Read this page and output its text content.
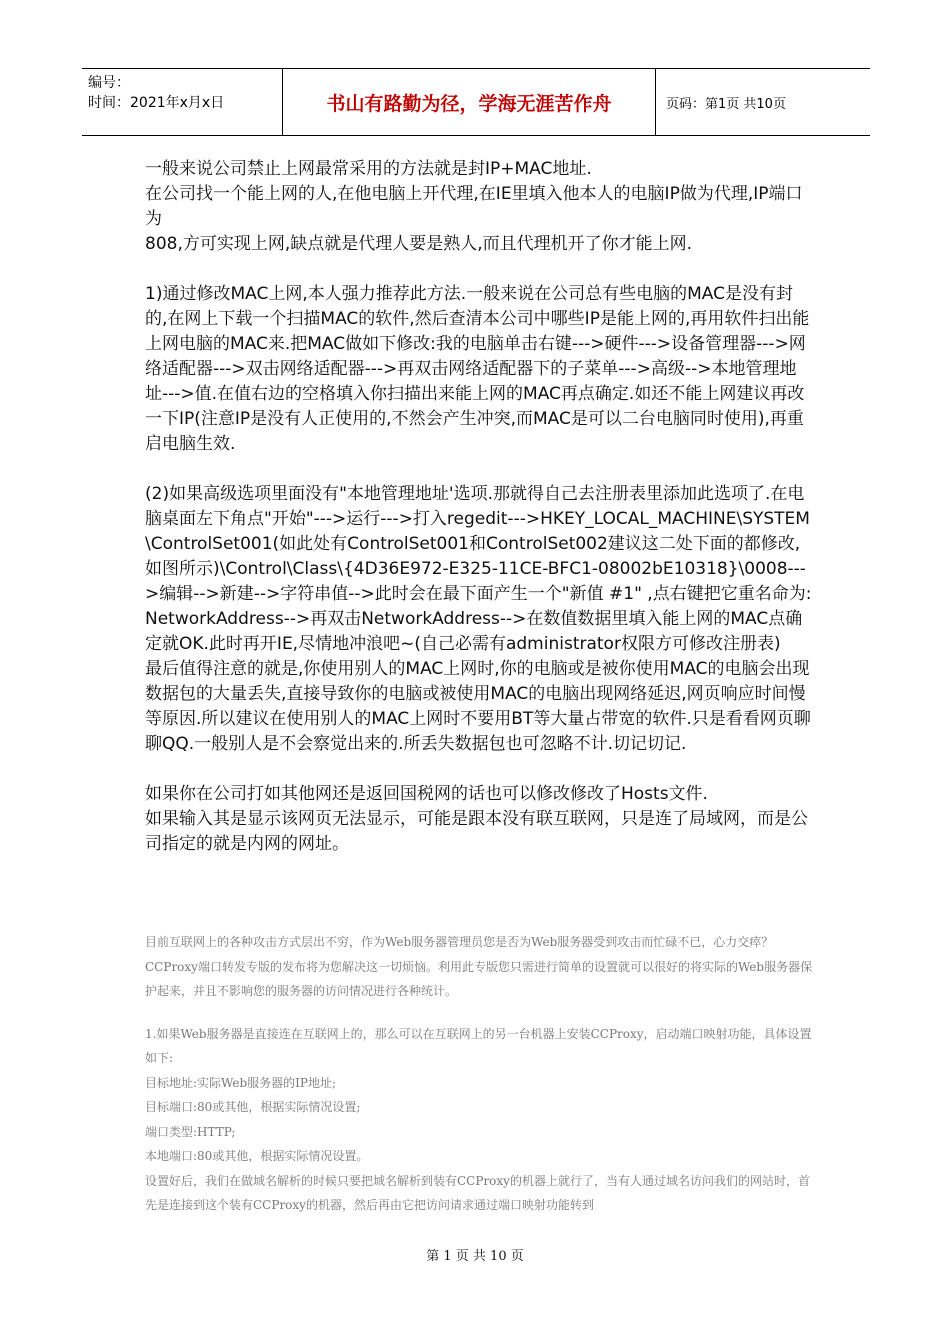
编号：
时间：2021年x月x日	书山有路勤为径，学海无涯苦作舟	页码：第1页 共10页

一般来说公司禁止上网最常采用的方法就是封IP+MAC地址.

在公司找一个能上网的人,在他电脑上开代理,在IE里填入他本人的电脑IP做为代理,IP端口为

808,方可实现上网,缺点就是代理人要是熟人,而且代理机开了你才能上网.

1)通过修改MAC上网,本人强力推荐此方法.一般来说在公司总有些电脑的MAC是没有封的,在网上下载一个扫描MAC的软件,然后查清本公司中哪些IP是能上网的,再用软件扫出能上网电脑的MAC来.把MAC做如下修改:我的电脑单击右键--->硬件--->设备管理器--->网络适配器--->双击网络适配器--->再双击网络适配器下的子菜单--->高级-->本地管理地址--->值.在值右边的空格填入你扫描出来能上网的MAC再点确定.如还不能上网建议再改一下IP(注意IP是没有人正使用的,不然会产生冲突,而MAC是可以二台电脑同时使用),再重启电脑生效.

(2)如果高级选项里面没有"本地管理地址'选项.那就得自己去注册表里添加此选项了.在电脑桌面左下角点"开始"--->运行--->打入regedit--->HKEY_LOCAL_MACHINE\SYSTEM\ControlSet001(如此处有ControlSet001和ControlSet002建议这二处下面的都修改,如图所示)\Control\Class\{4D36E972-E325-11CE-BFC1-08002bE10318}\0008--->编辑-->新建-->字符串值-->此时会在最下面产生一个"新值 #1" ,点右键把它重名命为:NetworkAddress-->再双击NetworkAddress-->在数值数据里填入能上网的MAC点确定就OK.此时再开IE,尽情地冲浪吧~(自己必需有administrator权限方可修改注册表)

最后值得注意的就是,你使用别人的MAC上网时,你的电脑或是被你使用MAC的电脑会出现数据包的大量丢失,直接导致你的电脑或被使用MAC的电脑出现网络延迟,网页响应时间慢等原因.所以建议在使用别人的MAC上网时不要用BT等大量占带宽的软件.只是看看网页聊聊QQ.一般别人是不会察觉出来的.所丢失数据包也可忽略不计.切记切记.

如果你在公司打如其他网还是返回国税网的话也可以修改修改了Hosts文件.

如果输入其是显示该网页无法显示，可能是跟本没有联互联网，只是连了局域网，而是公司指定的就是内网的网址。

目前互联网上的各种攻击方式层出不穷，作为Web服务器管理员您是否为Web服务器受到攻击而忙碌不已，心力交瘁？CCProxy端口转发专版的发布将为您解决这一切烦恼。利用此专版您只需进行简单的设置就可以很好的将实际的Web服务器保护起来，并且不影响您的服务器的访问情况进行各种统计。

1.如果Web服务器是直接连在互联网上的，那么可以在互联网上的另一台机器上安装CCProxy，启动端口映射功能，具体设置如下:

目标地址:实际Web服务器的IP地址;

目标端口:80或其他，根据实际情况设置;

端口类型:HTTP;

本地端口:80或其他，根据实际情况设置。

设置好后，我们在做域名解析的时候只要把域名解析到装有CCProxy的机器上就行了，当有人通过域名访问我们的网站时，首先是连接到这个装有CCProxy的机器，然后再由它把访问请求通过端口映射功能转到

第 1 页 共 10 页
